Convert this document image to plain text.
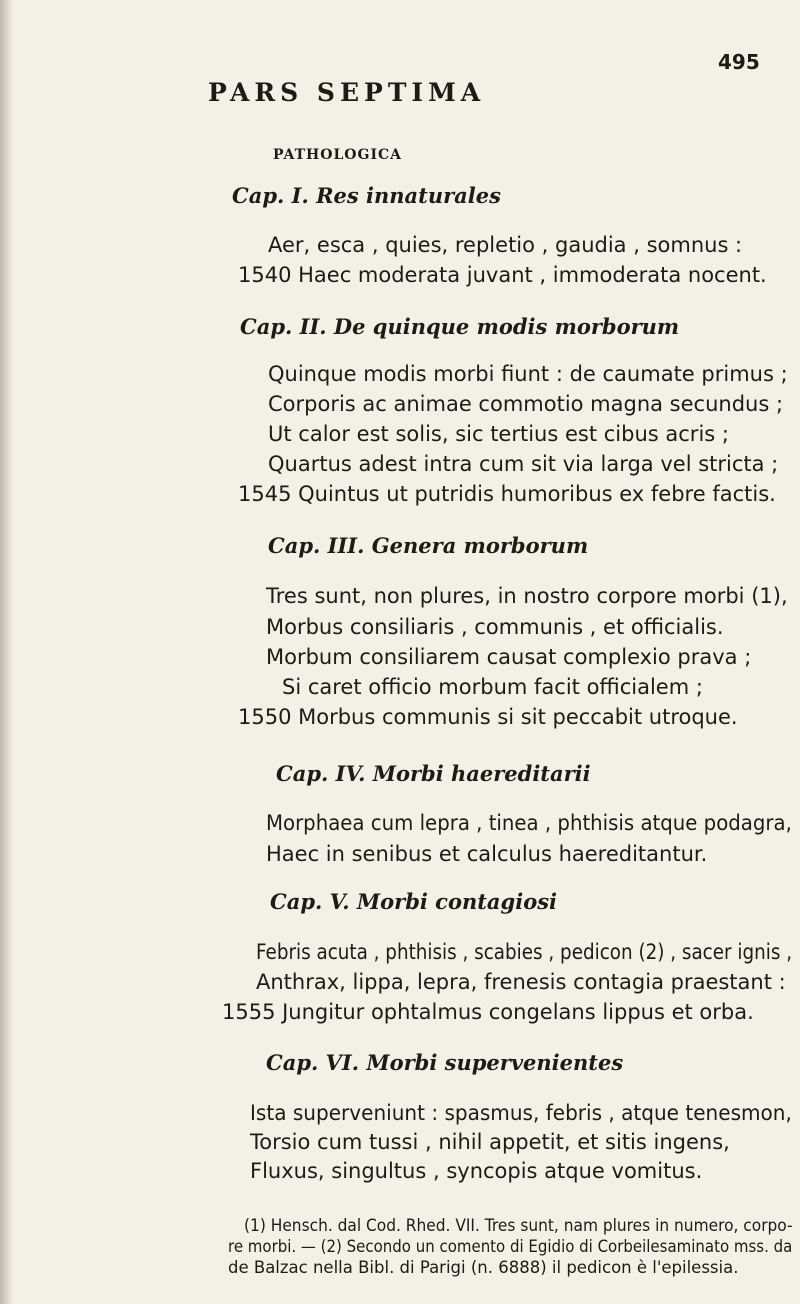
495
PARS SEPTIMA
PATHOLOGICA
Cap. I. Res innaturales
Aer, esca , quies, repletio , gaudia , somnus :
1540 Haec moderata juvant , immoderata nocent.
Cap. II. De quinque modis morborum
Quinque modis morbi fiunt : de caumate primus ;
Corporis ac animae commotio magna secundus ;
Ut calor est solis, sic tertius est cibus acris ;
Quartus adest intra cum sit via larga vel stricta ;
1545 Quintus ut putridis humoribus ex febre factis.
Cap. III. Genera morborum
Tres sunt, non plures, in nostro corpore morbi (1),
Morbus consiliaris , communis , et officialis.
Morbum consiliarem causat complexio prava ;
Si caret officio morbum facit officialem ;
1550 Morbus communis si sit peccabit utroque.
Cap. IV. Morbi haereditarii
Morphaea cum lepra , tinea , phthisis atque podagra,
Haec in senibus et calculus haereditantur.
Cap. V. Morbi contagiosi
Febris acuta , phthisis , scabies , pedicon (2) , sacer ignis ,
Anthrax, lippa, lepra, frenesis contagia praestant :
1555 Jungitur ophtalmus congelans lippus et orba.
Cap. VI. Morbi supervenientes
Ista superveniunt : spasmus, febris , atque tenesmon,
Torsio cum tussi , nihil appetit, et sitis ingens,
Fluxus, singultus , syncopis atque vomitus.
(1) Hensch. dal Cod. Rhed. VII. Tres sunt, nam plures in numero, corpo-
re morbi. — (2) Secondo un comento di Egidio di Corbeilesaminato mss. da
de Balzac nella Bibl. di Parigi (n. 6888) il pedicon è l'epilessia.
